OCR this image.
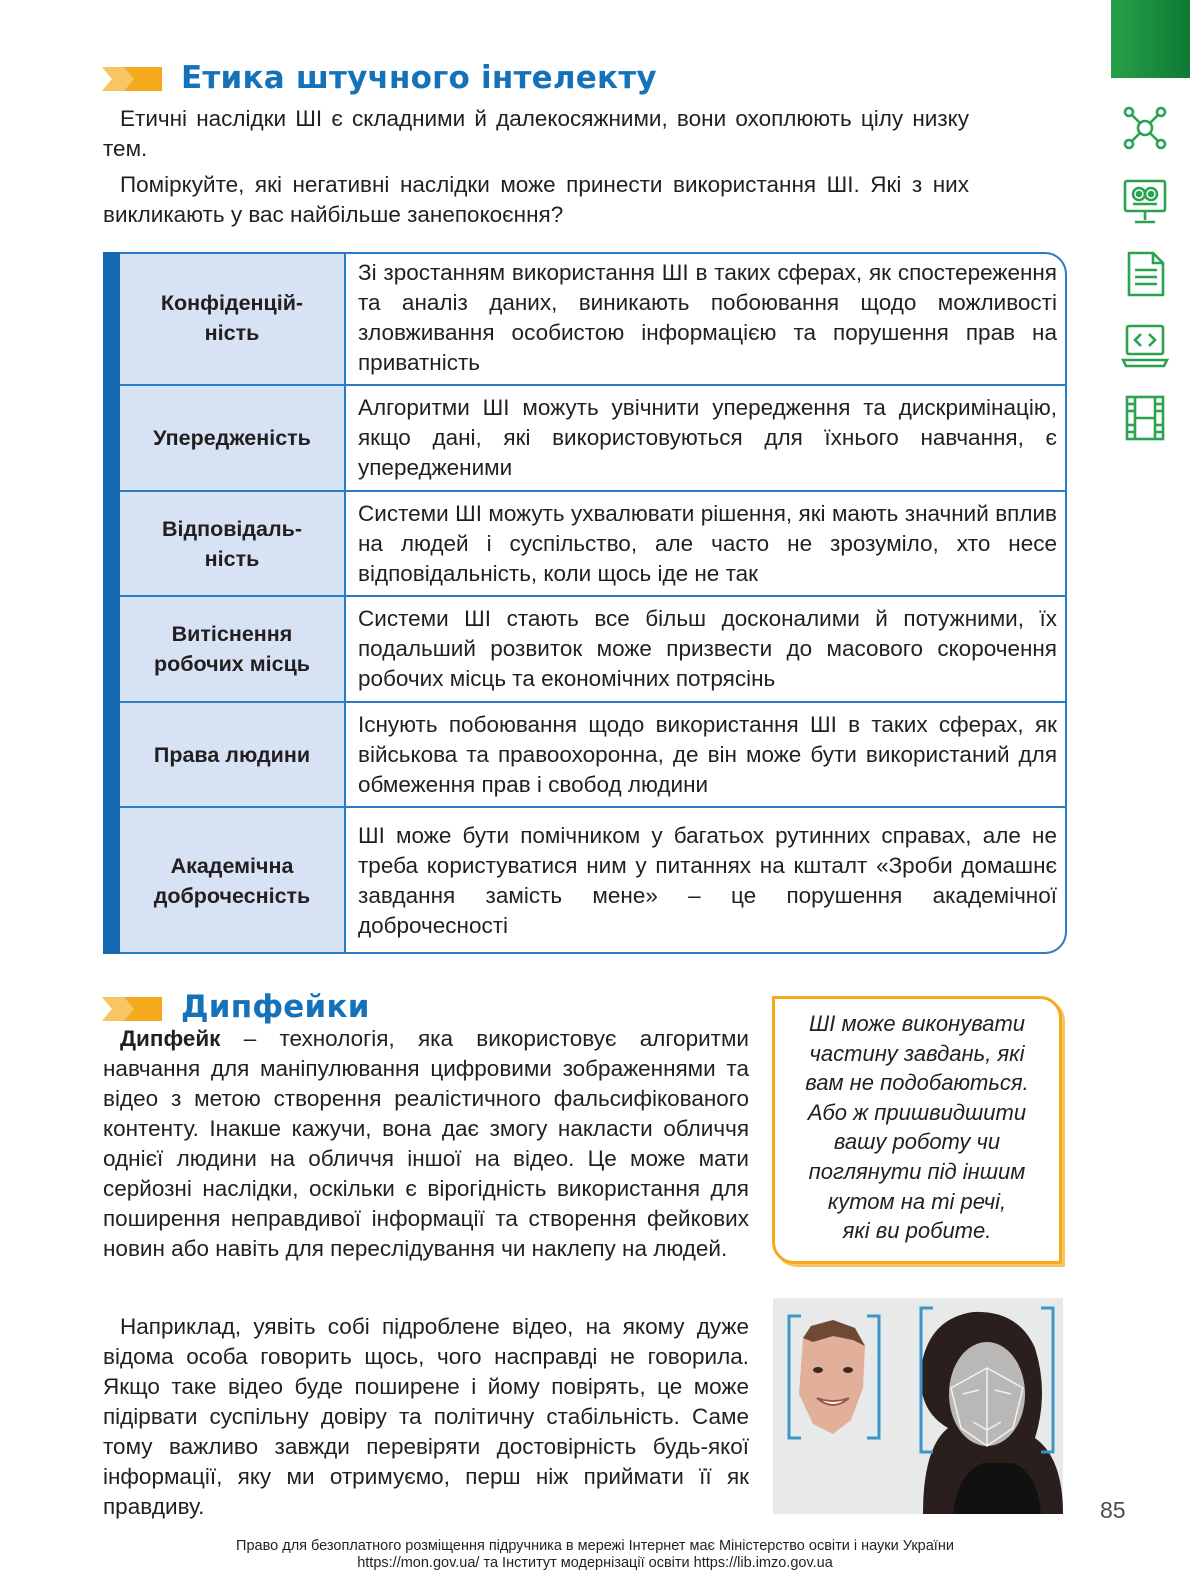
Етика штучного інтелекту

Етичні наслідки ШІ є складними й далекосяжними, вони охоплюють цілу низку тем.

Поміркуйте, які негативні наслідки може принести використання ШІ. Які з них викликають у вас найбільше занепокоєння?

Конфіденцій-
ність	Зі зростанням використання ШІ в таких сферах, як спостереження та аналіз даних, виникають побоювання щодо можливості зловживання особистою інформацією та порушення прав на приватність
Упередженість	Алгоритми ШІ можуть увічнити упередження та дискримінацію, якщо дані, які використовуються для їхнього навчання, є упередженими
Відповідаль-
ність	Системи ШІ можуть ухвалювати рішення, які мають значний вплив на людей і суспільство, але часто не зрозуміло, хто несе відповідальність, коли щось іде не так
Витіснення
робочих місць	Системи ШІ стають все більш досконалими й потужними, їх подальший розвиток може призвести до масового скорочення робочих місць та економічних потрясінь
Права людини	Існують побоювання щодо використання ШІ в таких сферах, як військова та правоохоронна, де він може бути використаний для обмеження прав і свобод людини
Академічна
доброчесність	ШІ може бути помічником у багатьох рутинних справах, але не треба користуватися ним у питаннях на кшталт «Зроби домашнє завдання замість мене» – це порушення академічної доброчесності
Дипфейки

Дипфейк – технологія, яка використовує алгоритми навчання для маніпулювання цифровими зображеннями та відео з метою створення реалістичного фальсифікованого контенту. Інакше кажучи, вона дає змогу накласти обличчя однієї людини на обличчя іншої на відео. Це може мати серйозні наслідки, оскільки є вірогідність використання для поширення неправдивої інформації та створення фейкових новин або навіть для переслідування чи наклепу на людей.

Наприклад, уявіть собі підроблене відео, на якому дуже відома особа говорить щось, чого насправді не говорила. Якщо таке відео буде поширене і йому повірять, це може підірвати суспільну довіру та політичну стабільність. Саме тому важливо завжди перевіряти достовірність будь-якої інформації, яку ми отримуємо, перш ніж приймати її як правдиву.

ШІ може виконувати
частину завдань, які
вам не подобаються.
Або ж пришвидшити
вашу роботу чи
поглянути під іншим
кутом на ті речі,
які ви робите.

85

Право для безоплатного розміщення підручника в мережі Інтернет має Міністерство освіти і науки України
https://mon.gov.ua/ та Інститут модернізації освіти https://lib.imzo.gov.ua
